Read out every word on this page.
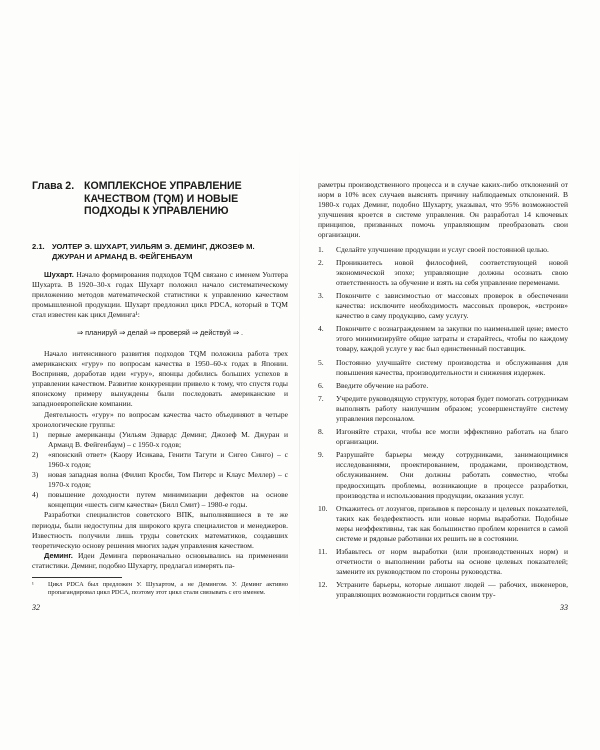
Глава 2. КОМПЛЕКСНОЕ УПРАВЛЕНИЕ КАЧЕСТВОМ (TQM) И НОВЫЕ ПОДХОДЫ К УПРАВЛЕНИЮ
2.1. УОЛТЕР Э. ШУХАРТ, УИЛЬЯМ Э. ДЕМИНГ, ДЖОЗЕФ М. ДЖУРАН И АРМАНД В. ФЕЙГЕНБАУМ

Шухарт. Начало формирования подходов TQM связано с именем Уолтера Шухарта. В 1920–30-х годах Шухарт положил начало систематическому приложению методов математической статистики к управлению качеством промышленной продукции. Шухарт предложил цикл PDCA, который в TQM стал известен как цикл Деминга¹:

⇒ планируй ⇒ делай ⇒ проверяй ⇒ действуй ⇒ .

Начало интенсивного развития подходов TQM положила работа трех американских «гуру» по вопросам качества в 1950–60-х годах в Японии. Восприняв, доработав идеи «гуру», японцы добились больших успехов в управлении качеством. Развитие конкуренции привело к тому, что спустя годы японскому примеру вынуждены были последовать американские и западноевропейские компании.

Деятельность «гуру» по вопросам качества часто объединяют в четыре хронологические группы:

1)	первые американцы (Уильям Эдвардс Деминг, Джозеф М. Джуран и Арманд В. Фейгенбаум) – с 1950-х годов;
2)	«японский ответ» (Каору Исикава, Генити Тагути и Сигео Синго) – с 1960-х годов;
3)	новая западная волна (Филип Кросби, Том Питерс и Клаус Меллер) – с 1970-х годов;
4)	повышение доходности путем минимизации дефектов на основе концепции «шесть сигм качества» (Билл Смит) – 1980-е годы.

Разработки специалистов советского ВПК, выполнявшиеся в те же периоды, были недоступны для широкого круга специалистов и менеджеров. Известность получили лишь труды советских математиков, создавших теоретическую основу решения многих задач управления качеством.

Деминг. Идеи Деминга первоначально основывались на применении статистики. Деминг, подобно Шухарту, предлагал измерять па-

¹	Цикл PDCA был предложен У. Шухартом, а не Демингом. У. Деминг активно пропагандировал цикл PDCA, поэтому этот цикл стали связывать с его именем.
32

раметры производственного процесса и в случае каких-либо отклонений от норм в 10% всех случаев выяснять причину наблюдаемых отклонений. В 1980-х годах Деминг, подобно Шухарту, указывал, что 95% возможностей улучшения кроется в системе управления. Он разработал 14 ключевых принципов, призванных помочь управляющим преобразовать свои организации.

1.	Сделайте улучшение продукции и услуг своей постоянной целью.
2.	Проникнитесь новой философией, соответствующей новой экономической эпохе; управляющие должны осознать свою ответственность за обучение и взять на себя управление переменами.
3.	Покончите с зависимостью от массовых проверок в обеспечении качества: исключите необходимость массовых проверок, «встроив» качество в саму продукцию, саму услугу.
4.	Покончите с вознаграждением за закупки по наименьшей цене; вместо этого минимизируйте общие затраты и старайтесь, чтобы по каждому товару, каждой услуге у вас был единственный поставщик.
5.	Постоянно улучшайте систему производства и обслуживания для повышения качества, производительности и снижения издержек.
6.	Введите обучение на работе.
7.	Учредите руководящую структуру, которая будет помогать сотрудникам выполнять работу наилучшим образом; усовершенствуйте систему управления персоналом.
8.	Изгоняйте страхи, чтобы все могли эффективно работать на благо организации.
9.	Разрушайте барьеры между сотрудниками, занимающимися исследованиями, проектированием, продажами, производством, обслуживанием. Они должны работать совместно, чтобы предвосхищать проблемы, возникающие в процессе разработки, производства и использования продукции, оказания услуг.
10.	Откажитесь от лозунгов, призывов к персоналу и целевых показателей, таких как бездефектность или новые нормы выработки. Подобные меры неэффективны, так как большинство проблем коренится в самой системе и рядовые работники их решить не в состоянии.
11.	Избавьтесь от норм выработки (или производственных норм) и отчетности о выполнении работы на основе целевых показателей; замените их руководством по стороны руководства.
12.	Устраните барьеры, которые лишают людей — рабочих, инженеров, управляющих возможности гордиться своим тру-
33
